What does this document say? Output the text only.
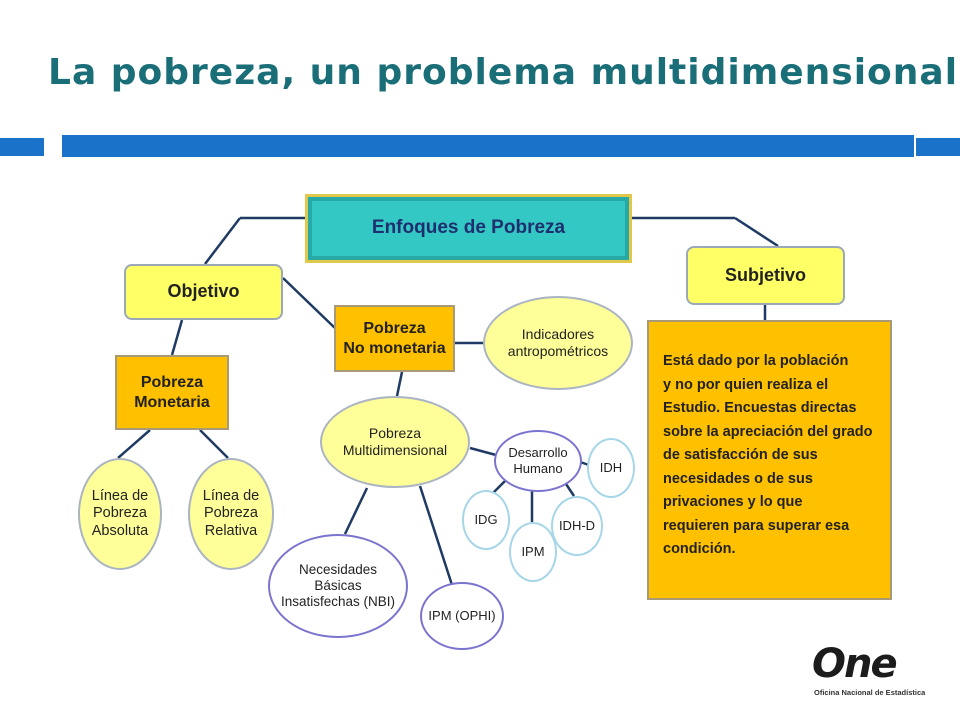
La pobreza, un problema multidimensional
Enfoques de Pobreza
Objetivo
Subjetivo
Pobreza
Monetaria
Pobreza
No monetaria
Indicadores
antropométricos
Línea de
Pobreza
Absoluta
Línea de
Pobreza
Relativa
Pobreza
Multidimensional	Desarrollo
Humano	IDH
IDG
IPM
IDH-D
Necesidades
Básicas
Insatisfechas (NBI)
IPM (OPHI)
Está dado por la población
y no por quien realiza el
Estudio. Encuestas directas
sobre la apreciación del grado
de satisfacción de sus
necesidades o de sus
privaciones y lo que
requieren para superar esa
condición.
One
Oficina Nacional de Estadística
